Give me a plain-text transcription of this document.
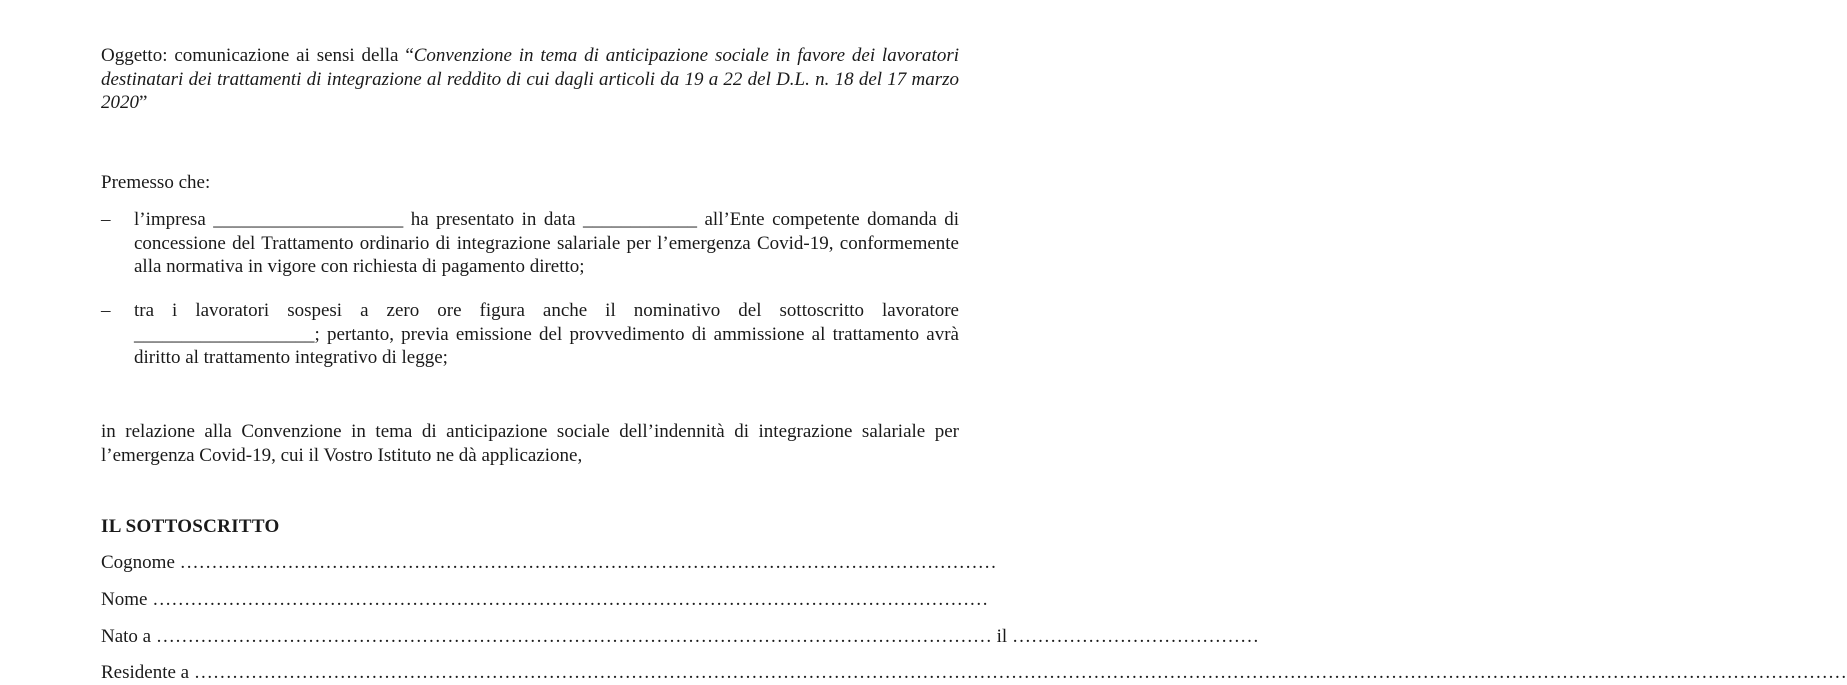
Oggetto: comunicazione ai sensi della “Convenzione in tema di anticipazione sociale in favore dei lavoratori destinatari dei trattamenti di integrazione al reddito di cui dagli articoli da 19 a 22 del D.L. n. 18 del 17 marzo 2020”
Premesso che:
–	l’impresa ____________________ ha presentato in data ____________ all’Ente competente domanda di concessione del Trattamento ordinario di integrazione salariale per l’emergenza Covid-19, conformemente alla normativa in vigore con richiesta di pagamento diretto;
–	tra i lavoratori sospesi a zero ore figura anche il nominativo del sottoscritto lavoratore ___________________; pertanto, previa emissione del provvedimento di ammissione al trattamento avrà diritto al trattamento integrativo di legge;
in relazione alla Convenzione in tema di anticipazione sociale dell’indennità di integrazione salariale per l’emergenza Covid-19, cui il Vostro Istituto ne dà applicazione,
IL SOTTOSCRITTO
Cognome …………………………………………………………………………………………………………………
Nome ……………………………………………………………………………………………………………………
Nato a …………………………………………………………………………………………………………………… il …………………………………
Residente a ………………………………………………………………………………………………………………………………………………………………………………………………………………………………………
